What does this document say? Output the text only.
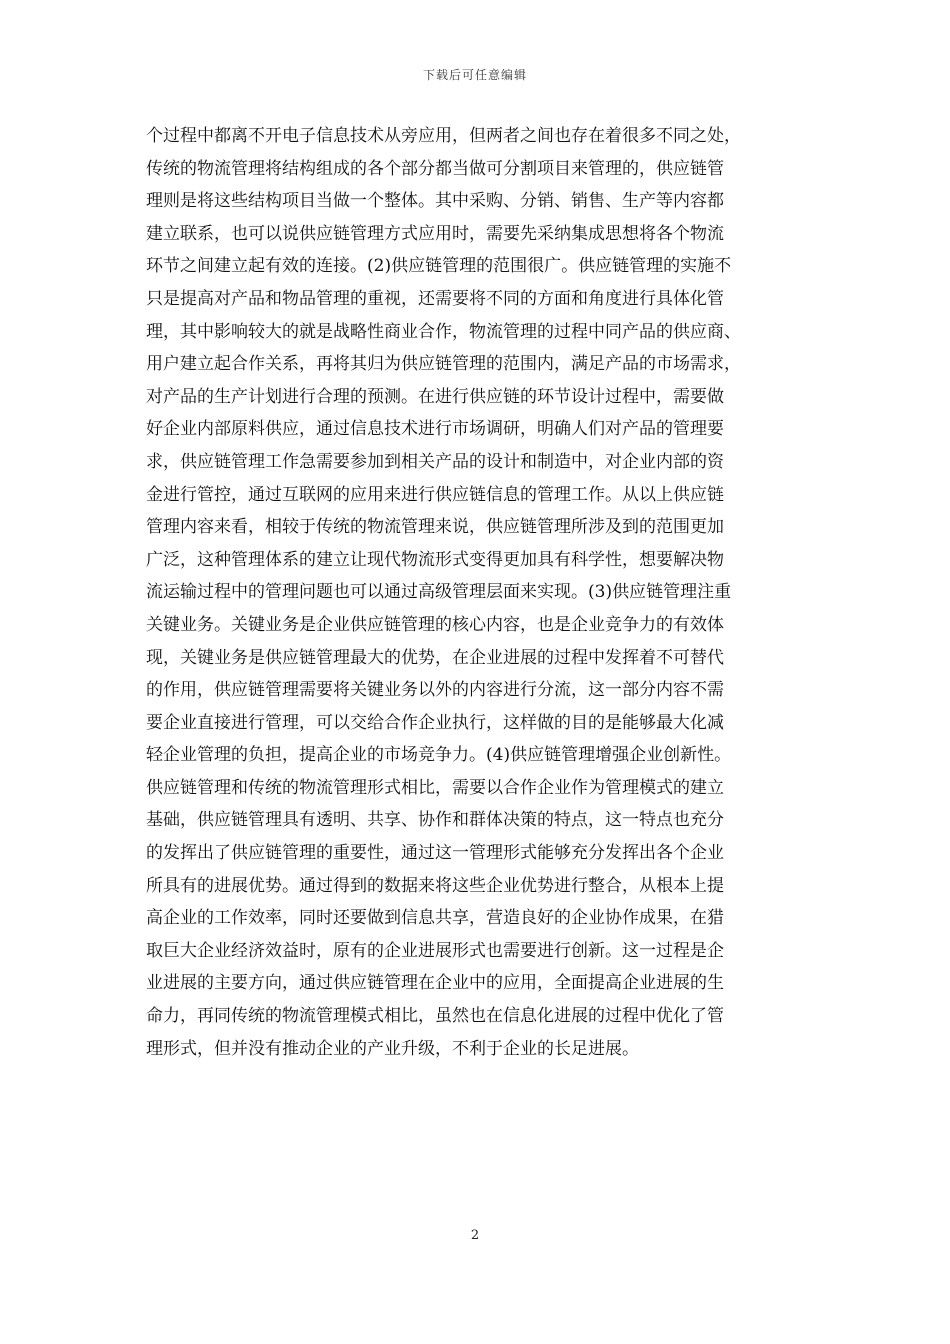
下载后可任意编辑
个过程中都离不开电子信息技术从旁应用，但两者之间也存在着很多不同之处，
传统的物流管理将结构组成的各个部分都当做可分割项目来管理的，供应链管
理则是将这些结构项目当做一个整体。其中采购、分销、销售、生产等内容都
建立联系，也可以说供应链管理方式应用时，需要先采纳集成思想将各个物流
环节之间建立起有效的连接。(2)供应链管理的范围很广。供应链管理的实施不
只是提高对产品和物品管理的重视，还需要将不同的方面和角度进行具体化管
理，其中影响较大的就是战略性商业合作，物流管理的过程中同产品的供应商、
用户建立起合作关系，再将其归为供应链管理的范围内，满足产品的市场需求，
对产品的生产计划进行合理的预测。在进行供应链的环节设计过程中，需要做
好企业内部原料供应，通过信息技术进行市场调研，明确人们对产品的管理要
求，供应链管理工作急需要参加到相关产品的设计和制造中，对企业内部的资
金进行管控，通过互联网的应用来进行供应链信息的管理工作。从以上供应链
管理内容来看，相较于传统的物流管理来说，供应链管理所涉及到的范围更加
广泛，这种管理体系的建立让现代物流形式变得更加具有科学性，想要解决物
流运输过程中的管理问题也可以通过高级管理层面来实现。(3)供应链管理注重
关键业务。关键业务是企业供应链管理的核心内容，也是企业竞争力的有效体
现，关键业务是供应链管理最大的优势，在企业进展的过程中发挥着不可替代
的作用，供应链管理需要将关键业务以外的内容进行分流，这一部分内容不需
要企业直接进行管理，可以交给合作企业执行，这样做的目的是能够最大化减
轻企业管理的负担，提高企业的市场竞争力。(4)供应链管理增强企业创新性。
供应链管理和传统的物流管理形式相比，需要以合作企业作为管理模式的建立
基础，供应链管理具有透明、共享、协作和群体决策的特点，这一特点也充分
的发挥出了供应链管理的重要性，通过这一管理形式能够充分发挥出各个企业
所具有的进展优势。通过得到的数据来将这些企业优势进行整合，从根本上提
高企业的工作效率，同时还要做到信息共享，营造良好的企业协作成果，在猎
取巨大企业经济效益时，原有的企业进展形式也需要进行创新。这一过程是企
业进展的主要方向，通过供应链管理在企业中的应用，全面提高企业进展的生
命力，再同传统的物流管理模式相比，虽然也在信息化进展的过程中优化了管
理形式，但并没有推动企业的产业升级，不利于企业的长足进展。
2
